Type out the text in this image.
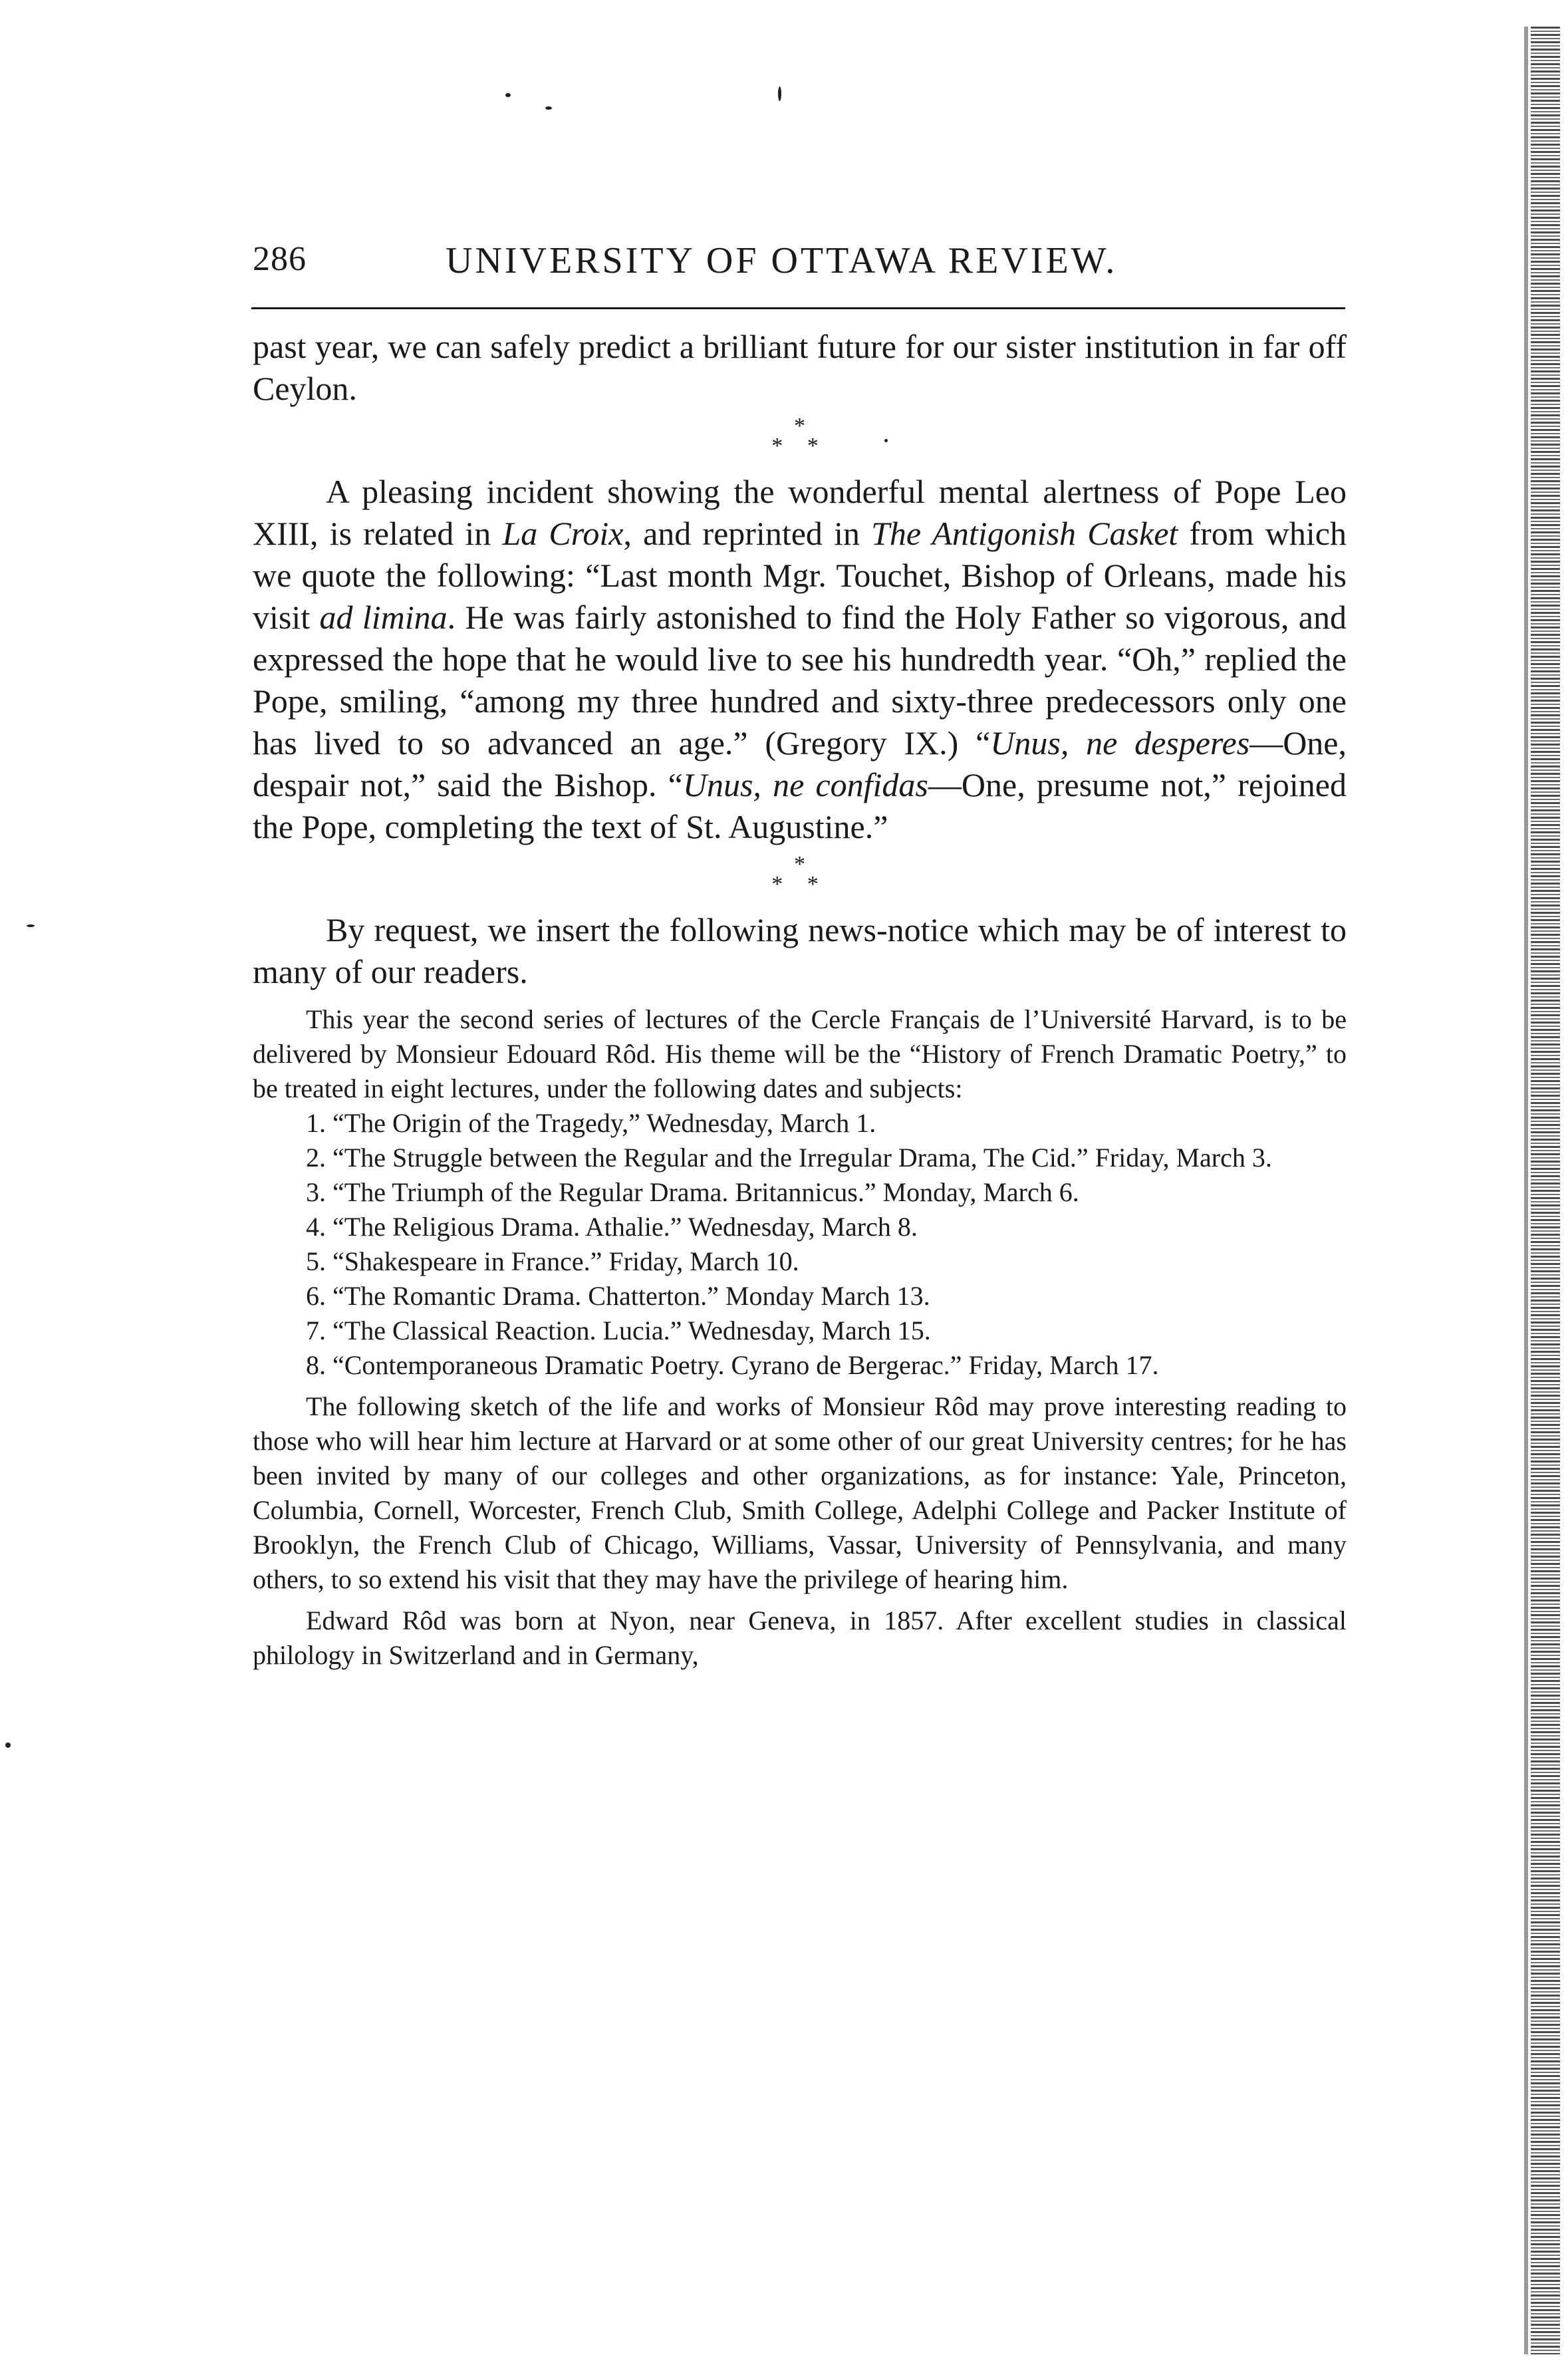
286	UNIVERSITY OF OTTAWA REVIEW.

past year, we can safely predict a brilliant future for our sister institution in far off Ceylon.

*
* *

A pleasing incident showing the wonderful mental alertness of Pope Leo XIII, is related in La Croix, and reprinted in The Antigonish Casket from which we quote the following: “Last month Mgr. Touchet, Bishop of Orleans, made his visit ad limina. He was fairly astonished to find the Holy Father so vigorous, and expressed the hope that he would live to see his hundredth year. “Oh,” replied the Pope, smiling, “among my three hundred and sixty-three predecessors only one has lived to so advanced an age.” (Gregory IX.) “Unus, ne desperes—One, despair not,” said the Bishop. “Unus, ne confidas—One, presume not,” rejoined the Pope, completing the text of St. Augustine.”

*
* *

By request, we insert the following news-notice which may be of interest to many of our readers.

This year the second series of lectures of the Cercle Français de l’Université Harvard, is to be delivered by Monsieur Edouard Rôd. His theme will be the “History of French Dramatic Poetry,” to be treated in eight lectures, under the following dates and subjects:

1. “The Origin of the Tragedy,” Wednesday, March 1.

2. “The Struggle between the Regular and the Irregular Drama, The Cid.” Friday, March 3.

3. “The Triumph of the Regular Drama. Britannicus.” Monday, March 6.

4. “The Religious Drama. Athalie.” Wednesday, March 8.

5. “Shakespeare in France.” Friday, March 10.

6. “The Romantic Drama. Chatterton.” Monday March 13.

7. “The Classical Reaction. Lucia.” Wednesday, March 15.

8. “Contemporaneous Dramatic Poetry. Cyrano de Bergerac.” Friday, March 17.

The following sketch of the life and works of Monsieur Rôd may prove interesting reading to those who will hear him lecture at Harvard or at some other of our great University centres; for he has been invited by many of our colleges and other organizations, as for instance: Yale, Princeton, Columbia, Cornell, Worcester, French Club, Smith College, Adelphi College and Packer Institute of Brooklyn, the French Club of Chicago, Williams, Vassar, University of Pennsylvania, and many others, to so extend his visit that they may have the privilege of hearing him.

Edward Rôd was born at Nyon, near Geneva, in 1857. After excellent studies in classical philology in Switzerland and in Germany,
